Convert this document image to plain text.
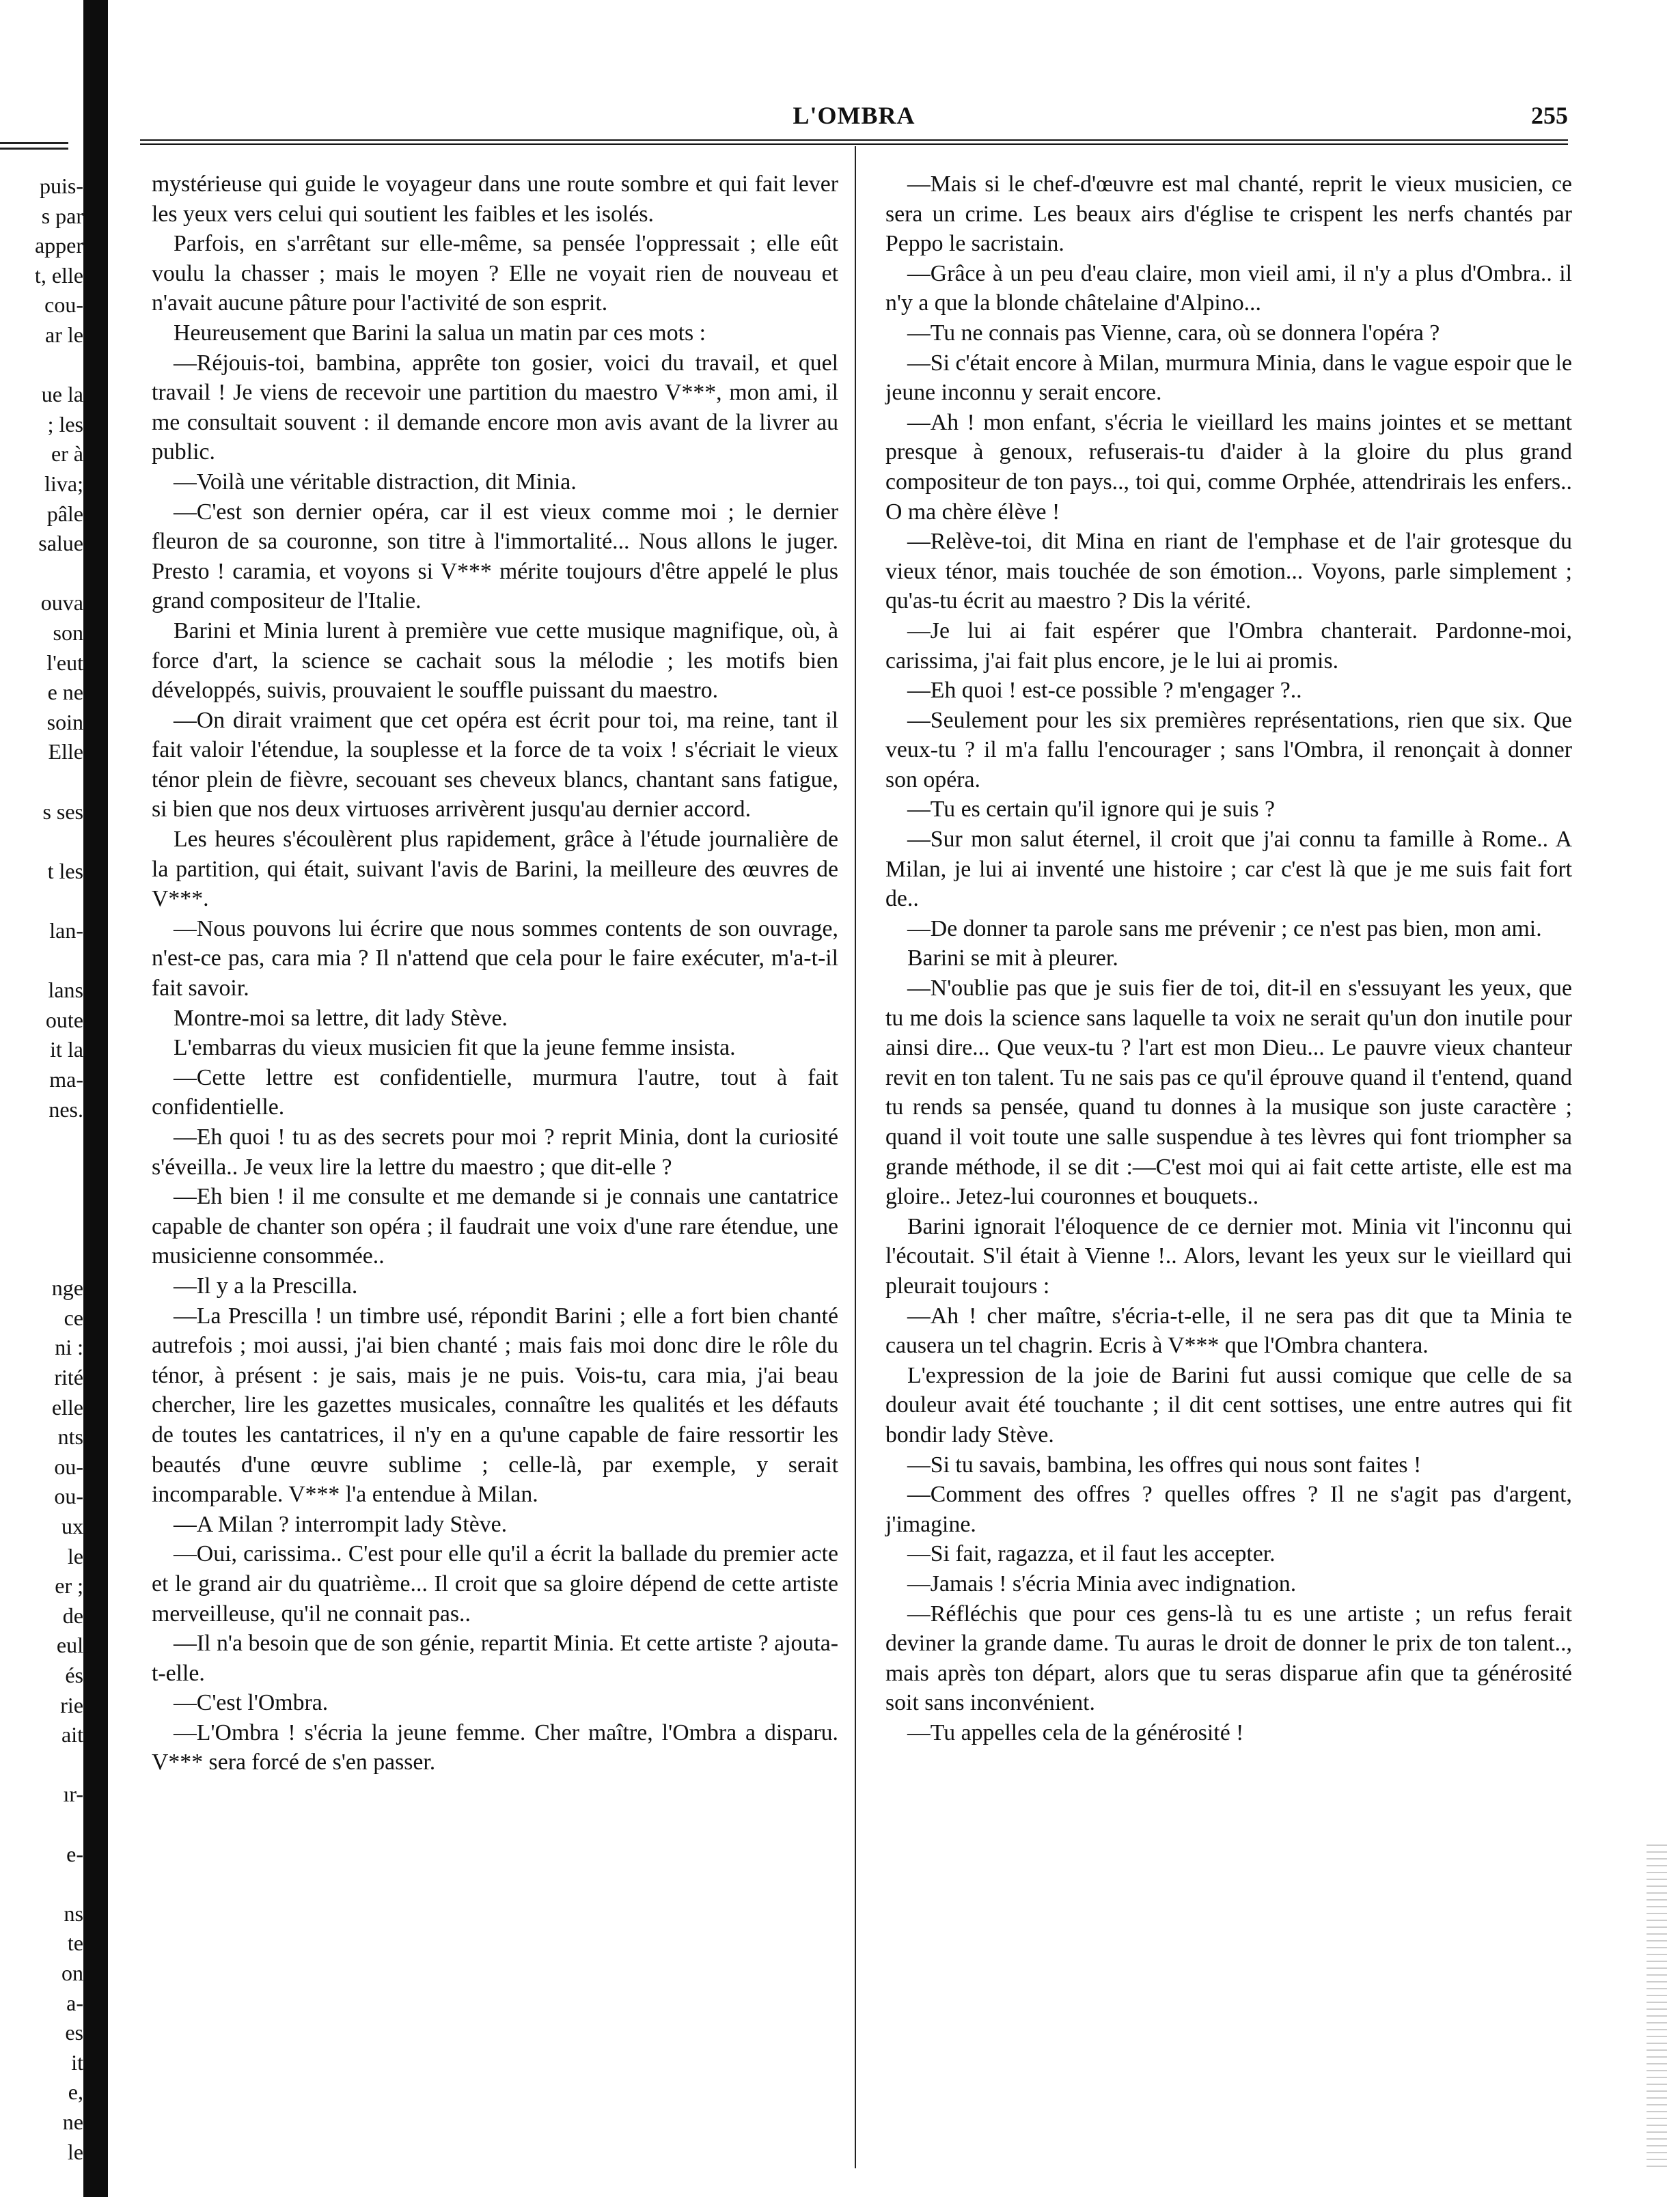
puis-
s par
apper
t, elle
cou-
ar le
ue la
; les
er à
liva;
pâle
salue
ouva
son
l'eut
e ne
soin
Elle
s ses
t les
lan-
lans
oute
it la
ma-
nes.
nge
ce
ni :
rité
elle
nts
ou-
ou-
ux
le
er ;
de
eul
és
rie
ait
ır-
e-
ns
te
on
a-
es
it
e,
ne
le
L'OMBRA	255

mystérieuse qui guide le voyageur dans une route sombre et qui fait lever les yeux vers celui qui soutient les faibles et les isolés.

Parfois, en s'arrêtant sur elle-même, sa pensée l'oppressait ; elle eût voulu la chasser ; mais le moyen ? Elle ne voyait rien de nouveau et n'avait aucune pâture pour l'activité de son esprit.

Heureusement que Barini la salua un matin par ces mots :

—Réjouis-toi, bambina, apprête ton gosier, voici du travail, et quel travail ! Je viens de recevoir une partition du maestro V***, mon ami, il me consultait souvent : il demande encore mon avis avant de la livrer au public.

—Voilà une véritable distraction, dit Minia.

—C'est son dernier opéra, car il est vieux comme moi ; le dernier fleuron de sa couronne, son titre à l'immortalité... Nous allons le juger. Presto ! caramia, et voyons si V*** mérite toujours d'être appelé le plus grand compositeur de l'Italie.

Barini et Minia lurent à première vue cette musique magnifique, où, à force d'art, la science se cachait sous la mélodie ; les motifs bien développés, suivis, prouvaient le souffle puissant du maestro.

—On dirait vraiment que cet opéra est écrit pour toi, ma reine, tant il fait valoir l'étendue, la souplesse et la force de ta voix ! s'écriait le vieux ténor plein de fièvre, secouant ses cheveux blancs, chantant sans fatigue, si bien que nos deux virtuoses arrivèrent jusqu'au dernier accord.

Les heures s'écoulèrent plus rapidement, grâce à l'étude journalière de la partition, qui était, suivant l'avis de Barini, la meilleure des œuvres de V***.

—Nous pouvons lui écrire que nous sommes contents de son ouvrage, n'est-ce pas, cara mia ? Il n'attend que cela pour le faire exécuter, m'a-t-il fait savoir.

Montre-moi sa lettre, dit lady Stève.

L'embarras du vieux musicien fit que la jeune femme insista.

—Cette lettre est confidentielle, murmura l'autre, tout à fait confidentielle.

—Eh quoi ! tu as des secrets pour moi ? reprit Minia, dont la curiosité s'éveilla.. Je veux lire la lettre du maestro ; que dit-elle ?

—Eh bien ! il me consulte et me demande si je connais une cantatrice capable de chanter son opéra ; il faudrait une voix d'une rare étendue, une musicienne consommée..

—Il y a la Prescilla.

—La Prescilla ! un timbre usé, répondit Barini ; elle a fort bien chanté autrefois ; moi aussi, j'ai bien chanté ; mais fais moi donc dire le rôle du ténor, à présent : je sais, mais je ne puis. Vois-tu, cara mia, j'ai beau chercher, lire les gazettes musicales, connaître les qualités et les défauts de toutes les cantatrices, il n'y en a qu'une capable de faire ressortir les beautés d'une œuvre sublime ; celle-là, par exemple, y serait incomparable. V*** l'a entendue à Milan.

—A Milan ? interrompit lady Stève.

—Oui, carissima.. C'est pour elle qu'il a écrit la ballade du premier acte et le grand air du quatrième... Il croit que sa gloire dépend de cette artiste merveilleuse, qu'il ne connait pas..

—Il n'a besoin que de son génie, repartit Minia. Et cette artiste ? ajouta-t-elle.

—C'est l'Ombra.

—L'Ombra ! s'écria la jeune femme. Cher maître, l'Ombra a disparu. V*** sera forcé de s'en passer.

—Mais si le chef-d'œuvre est mal chanté, reprit le vieux musicien, ce sera un crime. Les beaux airs d'église te crispent les nerfs chantés par Peppo le sacristain.

—Grâce à un peu d'eau claire, mon vieil ami, il n'y a plus d'Ombra.. il n'y a que la blonde châtelaine d'Alpino...

—Tu ne connais pas Vienne, cara, où se donnera l'opéra ?

—Si c'était encore à Milan, murmura Minia, dans le vague espoir que le jeune inconnu y serait encore.

—Ah ! mon enfant, s'écria le vieillard les mains jointes et se mettant presque à genoux, refuserais-tu d'aider à la gloire du plus grand compositeur de ton pays.., toi qui, comme Orphée, attendrirais les enfers.. O ma chère élève !

—Relève-toi, dit Mina en riant de l'emphase et de l'air grotesque du vieux ténor, mais touchée de son émotion... Voyons, parle simplement ; qu'as-tu écrit au maestro ? Dis la vérité.

—Je lui ai fait espérer que l'Ombra chanterait. Pardonne-moi, carissima, j'ai fait plus encore, je le lui ai promis.

—Eh quoi ! est-ce possible ? m'engager ?..

—Seulement pour les six premières représentations, rien que six. Que veux-tu ? il m'a fallu l'encourager ; sans l'Ombra, il renonçait à donner son opéra.

—Tu es certain qu'il ignore qui je suis ?

—Sur mon salut éternel, il croit que j'ai connu ta famille à Rome.. A Milan, je lui ai inventé une histoire ; car c'est là que je me suis fait fort de..

—De donner ta parole sans me prévenir ; ce n'est pas bien, mon ami.

Barini se mit à pleurer.

—N'oublie pas que je suis fier de toi, dit-il en s'essuyant les yeux, que tu me dois la science sans laquelle ta voix ne serait qu'un don inutile pour ainsi dire... Que veux-tu ? l'art est mon Dieu... Le pauvre vieux chanteur revit en ton talent. Tu ne sais pas ce qu'il éprouve quand il t'entend, quand tu rends sa pensée, quand tu donnes à la musique son juste caractère ; quand il voit toute une salle suspendue à tes lèvres qui font triompher sa grande méthode, il se dit :—C'est moi qui ai fait cette artiste, elle est ma gloire.. Jetez-lui couronnes et bouquets..

Barini ignorait l'éloquence de ce dernier mot. Minia vit l'inconnu qui l'écoutait. S'il était à Vienne !.. Alors, levant les yeux sur le vieillard qui pleurait toujours :

—Ah ! cher maître, s'écria-t-elle, il ne sera pas dit que ta Minia te causera un tel chagrin. Ecris à V*** que l'Ombra chantera.

L'expression de la joie de Barini fut aussi comique que celle de sa douleur avait été touchante ; il dit cent sottises, une entre autres qui fit bondir lady Stève.

—Si tu savais, bambina, les offres qui nous sont faites !

—Comment des offres ? quelles offres ? Il ne s'agit pas d'argent, j'imagine.

—Si fait, ragazza, et il faut les accepter.

—Jamais ! s'écria Minia avec indignation.

—Réfléchis que pour ces gens-là tu es une artiste ; un refus ferait deviner la grande dame. Tu auras le droit de donner le prix de ton talent.., mais après ton départ, alors que tu seras disparue afin que ta générosité soit sans inconvénient.

—Tu appelles cela de la générosité !
